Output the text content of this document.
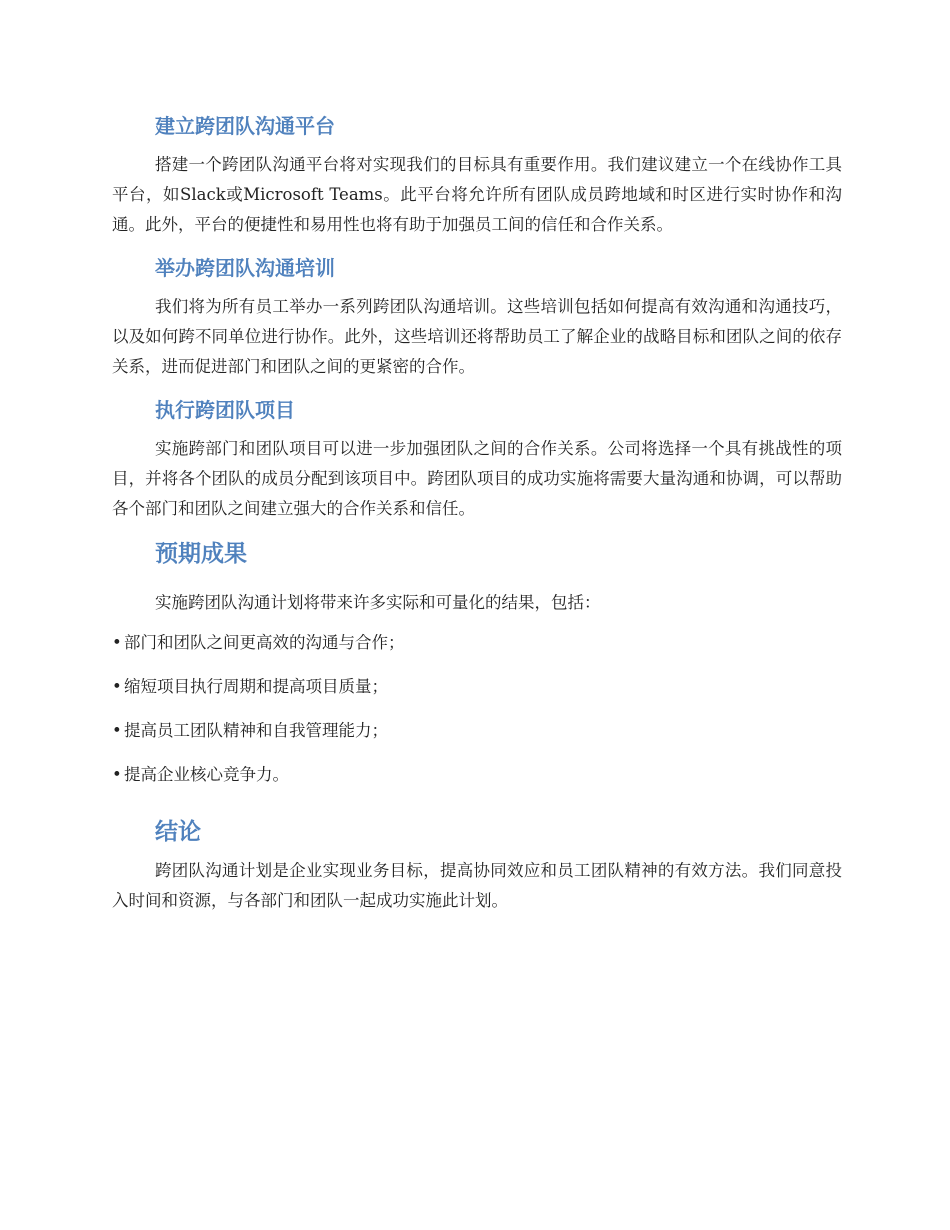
建立跨团队沟通平台

搭建一个跨团队沟通平台将对实现我们的目标具有重要作用。我们建议建立一个在线协作工具平台，如Slack或Microsoft Teams。此平台将允许所有团队成员跨地域和时区进行实时协作和沟通。此外，平台的便捷性和易用性也将有助于加强员工间的信任和合作关系。

举办跨团队沟通培训

我们将为所有员工举办一系列跨团队沟通培训。这些培训包括如何提高有效沟通和沟通技巧，以及如何跨不同单位进行协作。此外，这些培训还将帮助员工了解企业的战略目标和团队之间的依存关系，进而促进部门和团队之间的更紧密的合作。

执行跨团队项目

实施跨部门和团队项目可以进一步加强团队之间的合作关系。公司将选择一个具有挑战性的项目，并将各个团队的成员分配到该项目中。跨团队项目的成功实施将需要大量沟通和协调，可以帮助各个部门和团队之间建立强大的合作关系和信任。

预期成果

实施跨团队沟通计划将带来许多实际和可量化的结果，包括：

• 部门和团队之间更高效的沟通与合作；
• 缩短项目执行周期和提高项目质量；
• 提高员工团队精神和自我管理能力；
• 提高企业核心竞争力。
结论

跨团队沟通计划是企业实现业务目标，提高协同效应和员工团队精神的有效方法。我们同意投入时间和资源，与各部门和团队一起成功实施此计划。
